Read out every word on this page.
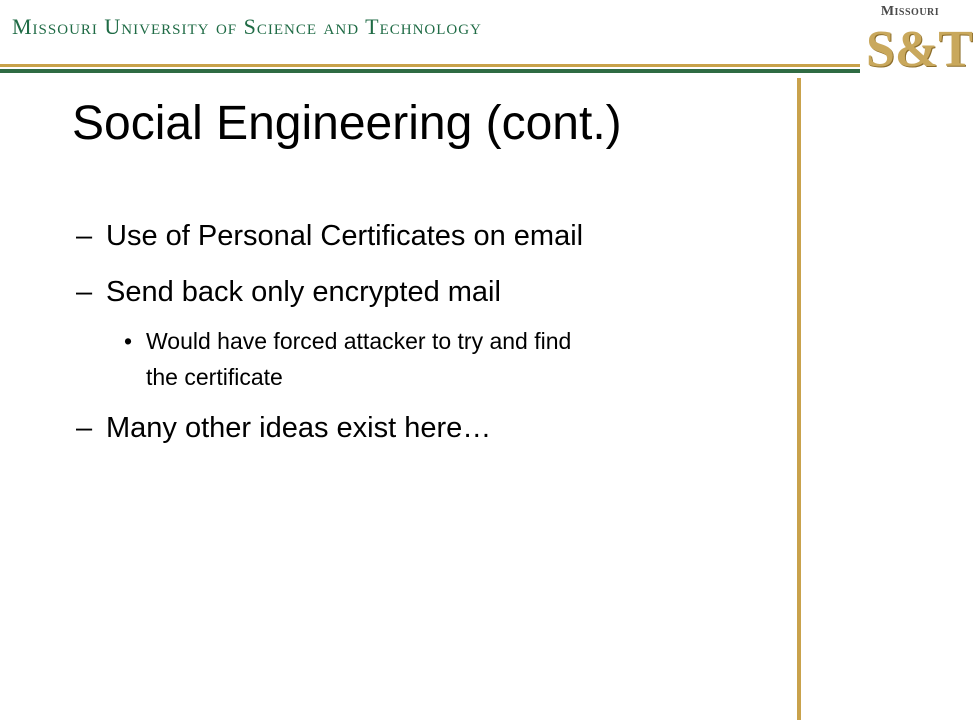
Missouri University of Science and Technology
Missouri
S&T
Social Engineering (cont.)
– Use of Personal Certificates on email
– Send back only encrypted mail
• Would have forced attacker to try and find
the certificate
– Many other ideas exist here…
